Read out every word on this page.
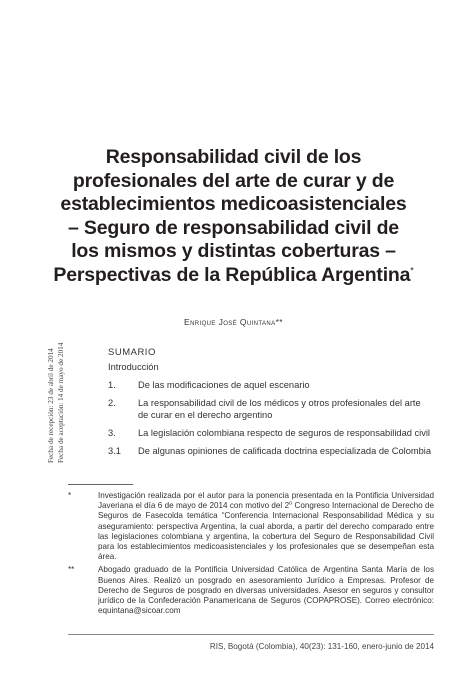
Responsabilidad civil de los
profesionales del arte de curar y de
establecimientos medicoasistenciales
– Seguro de responsabilidad civil de
los mismos y distintas coberturas –
Perspectivas de la República Argentina*
Enrique José Quintana**
Fecha de recepción: 23 de abril de 2014 Fecha de aceptación: 14 de mayo de 2014	SUMARIO
Introducción
1.	De las modificaciones de aquel escenario
2.	La responsabilidad civil de los médicos y otros profesionales del arte de curar en el derecho argentino
3.	La legislación colombiana respecto de seguros de responsabilidad civil
3.1	De algunas opiniones de calificada doctrina especializada de Colombia
*	Investigación realizada por el autor para la ponencia presentada en la Pontificia Universidad Javeriana el día 6 de mayo de 2014 con motivo del 2$^o$ Congreso Internacional de Derecho de Seguros de Fasecolda temática “Conferencia Internacional Responsabilidad Médica y su aseguramiento: perspectiva Argentina, la cual aborda, a partir del derecho comparado entre las legislaciones colombiana y argentina, la cobertura del Seguro de Responsabilidad Civil para los establecimientos medicoasistenciales y los profesionales que se desempeñan esta área.
**	Abogado graduado de la Pontificia Universidad Católica de Argentina Santa María de los Buenos Aires. Realizó un posgrado en asesoramiento Jurídico a Empresas. Profesor de Derecho de Seguros de posgrado en diversas universidades. Asesor en seguros y consultor jurídico de la Confederación Panamericana de Seguros (COPAPROSE). Correo electrónico: equintana@sicoar.com
RIS, Bogotá (Colombia), 40(23): 131-160, enero-junio de 2014
